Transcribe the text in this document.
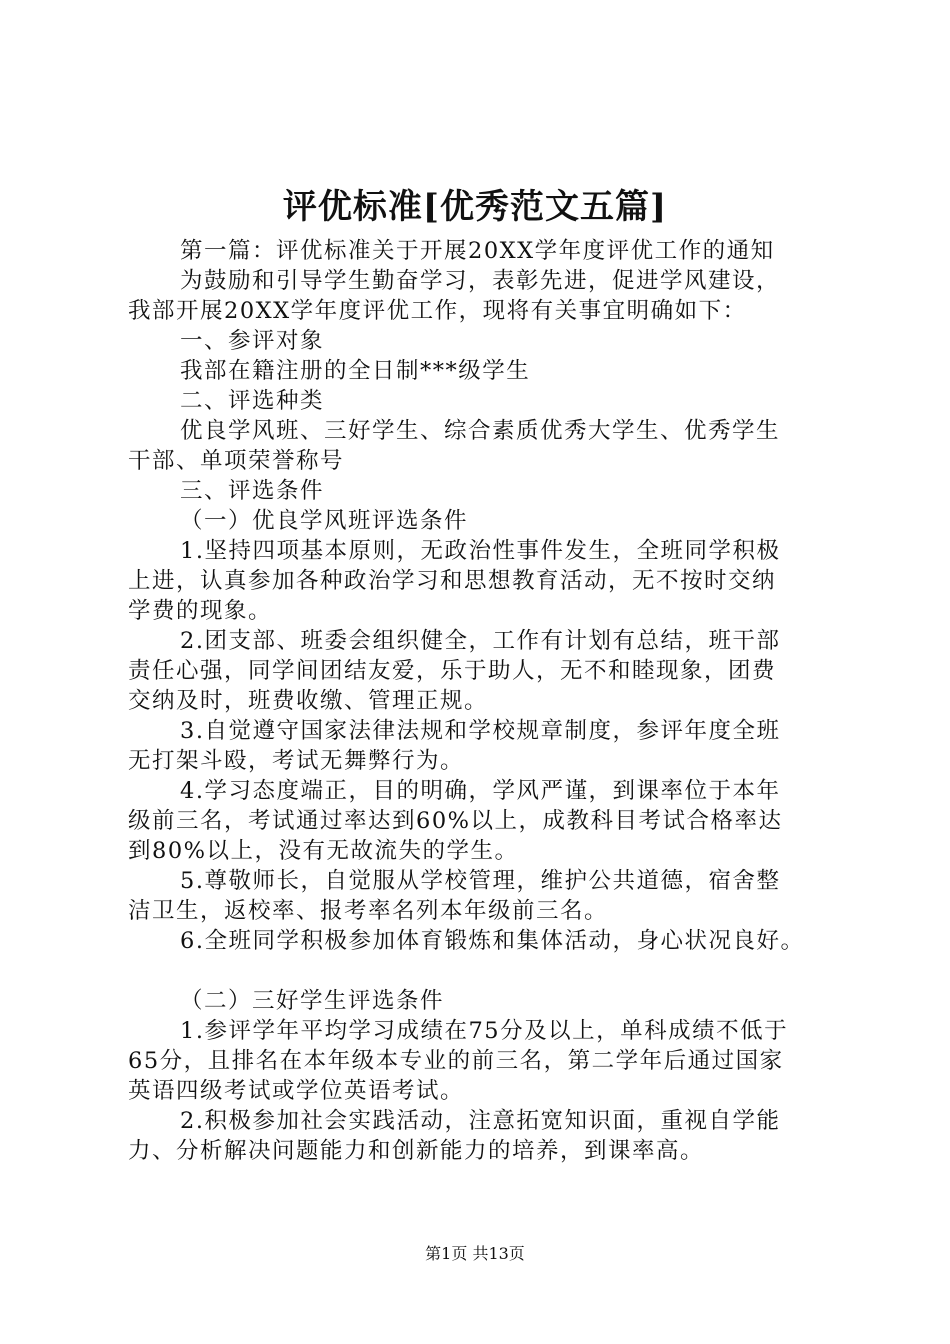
评优标准[优秀范文五篇]
第一篇：评优标准关于开展20XX学年度评优工作的通知
为鼓励和引导学生勤奋学习，表彰先进，促进学风建设，
我部开展20XX学年度评优工作，现将有关事宜明确如下：
一、参评对象
我部在籍注册的全日制***级学生
二、评选种类
优良学风班、三好学生、综合素质优秀大学生、优秀学生
干部、单项荣誉称号
三、评选条件
（一）优良学风班评选条件
1.坚持四项基本原则，无政治性事件发生，全班同学积极
上进，认真参加各种政治学习和思想教育活动，无不按时交纳
学费的现象。
2.团支部、班委会组织健全，工作有计划有总结，班干部
责任心强，同学间团结友爱，乐于助人，无不和睦现象，团费
交纳及时，班费收缴、管理正规。
3.自觉遵守国家法律法规和学校规章制度，参评年度全班
无打架斗殴，考试无舞弊行为。
4.学习态度端正，目的明确，学风严谨，到课率位于本年
级前三名，考试通过率达到60%以上，成教科目考试合格率达
到80%以上，没有无故流失的学生。
5.尊敬师长，自觉服从学校管理，维护公共道德，宿舍整
洁卫生，返校率、报考率名列本年级前三名。
6.全班同学积极参加体育锻炼和集体活动，身心状况良好。
（二）三好学生评选条件
1.参评学年平均学习成绩在75分及以上，单科成绩不低于
65分，且排名在本年级本专业的前三名，第二学年后通过国家
英语四级考试或学位英语考试。
2.积极参加社会实践活动，注意拓宽知识面，重视自学能
力、分析解决问题能力和创新能力的培养，到课率高。
第1页 共13页
